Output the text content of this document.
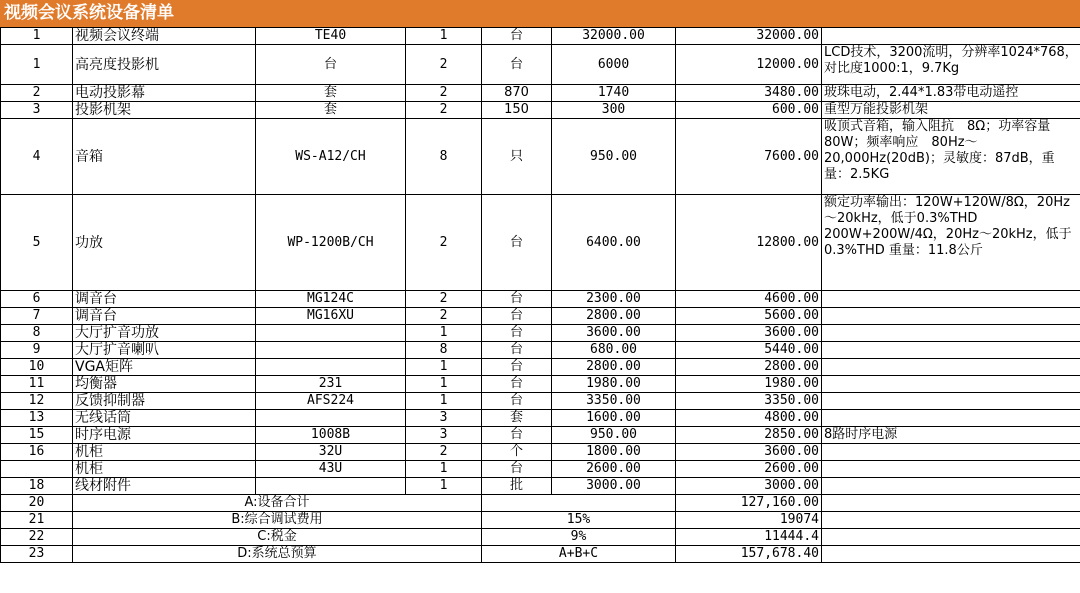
视频会议系统设备清单
1	视频会议终端	TE40	1	台	32000.00	32000.00	
1	高亮度投影机	台	2	台	6000	12000.00	LCD技术，3200流明，分辨率1024*768，对比度1000:1，9.7Kg
2	电动投影幕	套	2	870	1740	3480.00	玻珠电动，2.44*1.83带电动遥控
3	投影机架	套	2	150	300	600.00	重型万能投影机架
4	音箱	WS-A12/CH	8	只	950.00	7600.00	吸顶式音箱，输入阻抗　8Ω；功率容量 80W；频率响应　80Hz～20,000Hz(20dB)；灵敏度：87dB，重量：2.5KG
5	功放	WP-1200B/CH	2	台	6400.00	12800.00	额定功率输出：120W+120W/8Ω，20Hz～20kHz，低于0.3%THD 200W+200W/4Ω，20Hz～20kHz，低于0.3%THD 重量：11.8公斤
6	调音台	MG124C	2	台	2300.00	4600.00	
7	调音台	MG16XU	2	台	2800.00	5600.00	
8	大厅扩音功放		1	台	3600.00	3600.00	
9	大厅扩音喇叭		8	台	680.00	5440.00	
10	VGA矩阵		1	台	2800.00	2800.00	
11	均衡器	231	1	台	1980.00	1980.00	
12	反馈抑制器	AFS224	1	台	3350.00	3350.00	
13	无线话筒		3	套	1600.00	4800.00	
15	时序电源	1008B	3	台	950.00	2850.00	8路时序电源
16	机柜	32U	2	个	1800.00	3600.00	
	机柜	43U	1	台	2600.00	2600.00	
18	线材附件		1	批	3000.00	3000.00	
20	A:设备合计					127,160.00	
21	B:综合调试费用			15%		19074	
22	C:税金			9%		11444.4	
23	D:系统总预算			A+B+C		157,678.40	
